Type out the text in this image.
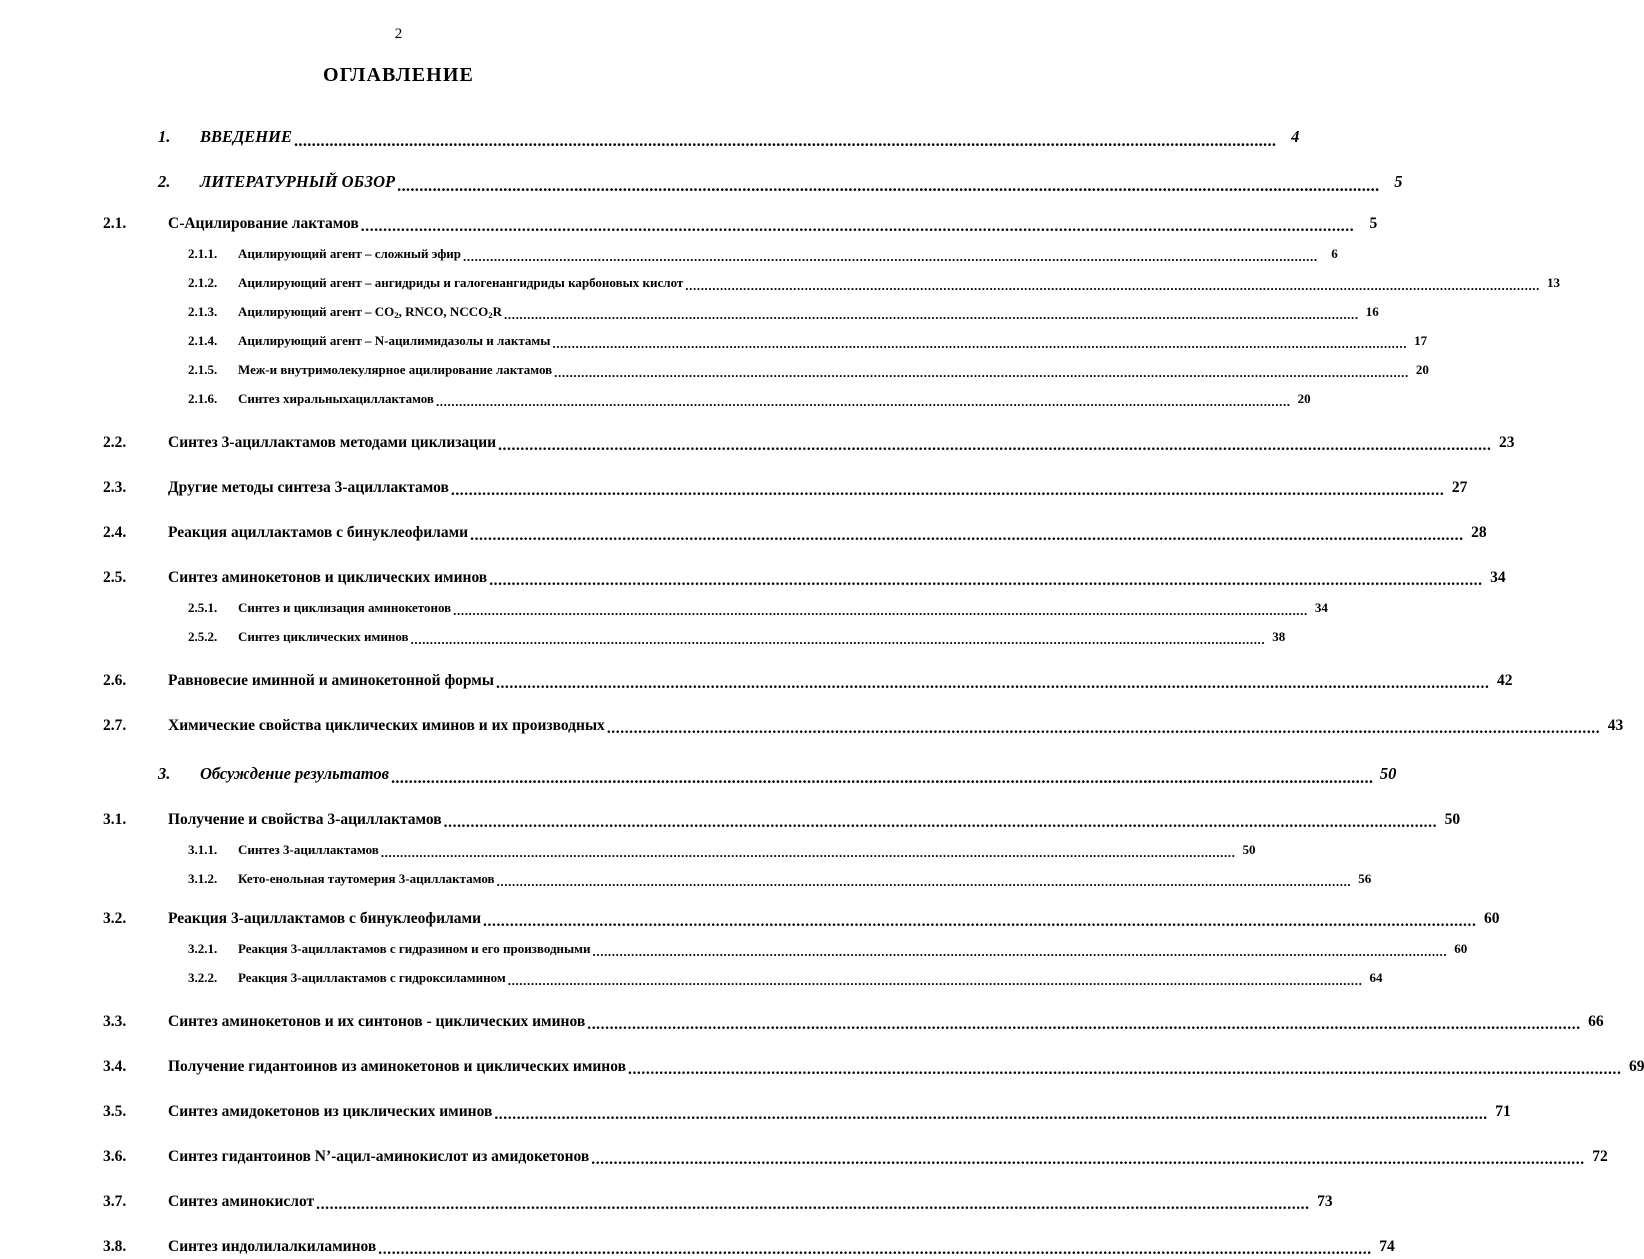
2
ОГЛАВЛЕНИЕ
1.	ВВЕДЕНИЕ .....	4
2.	ЛИТЕРАТУРНЫЙ ОБЗОР .....	5
2.1.	С-Ацилирование лактамов .....	5
2.1.1.	Ацилирующий агент – сложный эфир .....	6
2.1.2.	Ацилирующий агент – ангидриды и галогенангидриды карбоновых кислот .....	13
2.1.3.	Ацилирующий агент – $CO_2$, RNCO, $NCCO_2R$ .....	16
2.1.4.	Ацилирующий агент – N-ацилимидазолы и лактамы .....	17
2.1.5.	Меж-и внутримолекулярное ацилирование лактамов .....	20
2.1.6.	Синтез хиральныхациллактамов .....	20
2.2.	Синтез 3-ациллактамов методами циклизации .....	23
2.3.	Другие методы синтеза 3-ациллактамов .....	27
2.4.	Реакция ациллактамов с бинуклеофилами .....	28
2.5.	Синтез аминокетонов и циклических иминов .....	34
2.5.1.	Синтез и циклизация аминокетонов .....	34
2.5.2.	Синтез циклических иминов .....	38
2.6.	Равновесие иминной и аминокетонной формы .....	42
2.7.	Химические свойства циклических иминов и их производных .....	43
3.	Обсуждение результатов .....	50
3.1.	Получение и свойства 3-ациллактамов .....	50
3.1.1.	Синтез 3-ациллактамов .....	50
3.1.2.	Кето-енольная таутомерия 3-ациллактамов .....	56
3.2.	Реакция 3-ациллактамов с бинуклеофилами .....	60
3.2.1.	Реакция 3-ациллактамов с гидразином и его производными .....	60
3.2.2.	Реакция 3-ациллактамов с гидроксиламином .....	64
3.3.	Синтез аминокетонов и их синтонов - циклических иминов .....	66
3.4.	Получение гидантоинов из аминокетонов и циклических иминов .....	69
3.5.	Синтез амидокетонов из циклических иминов .....	71
3.6.	Синтез гидантоинов N’-ацил-аминокислот из амидокетонов .....	72
3.7.	Синтез аминокислот .....	73
3.8.	Синтез индолилалкиламинов .....	74
